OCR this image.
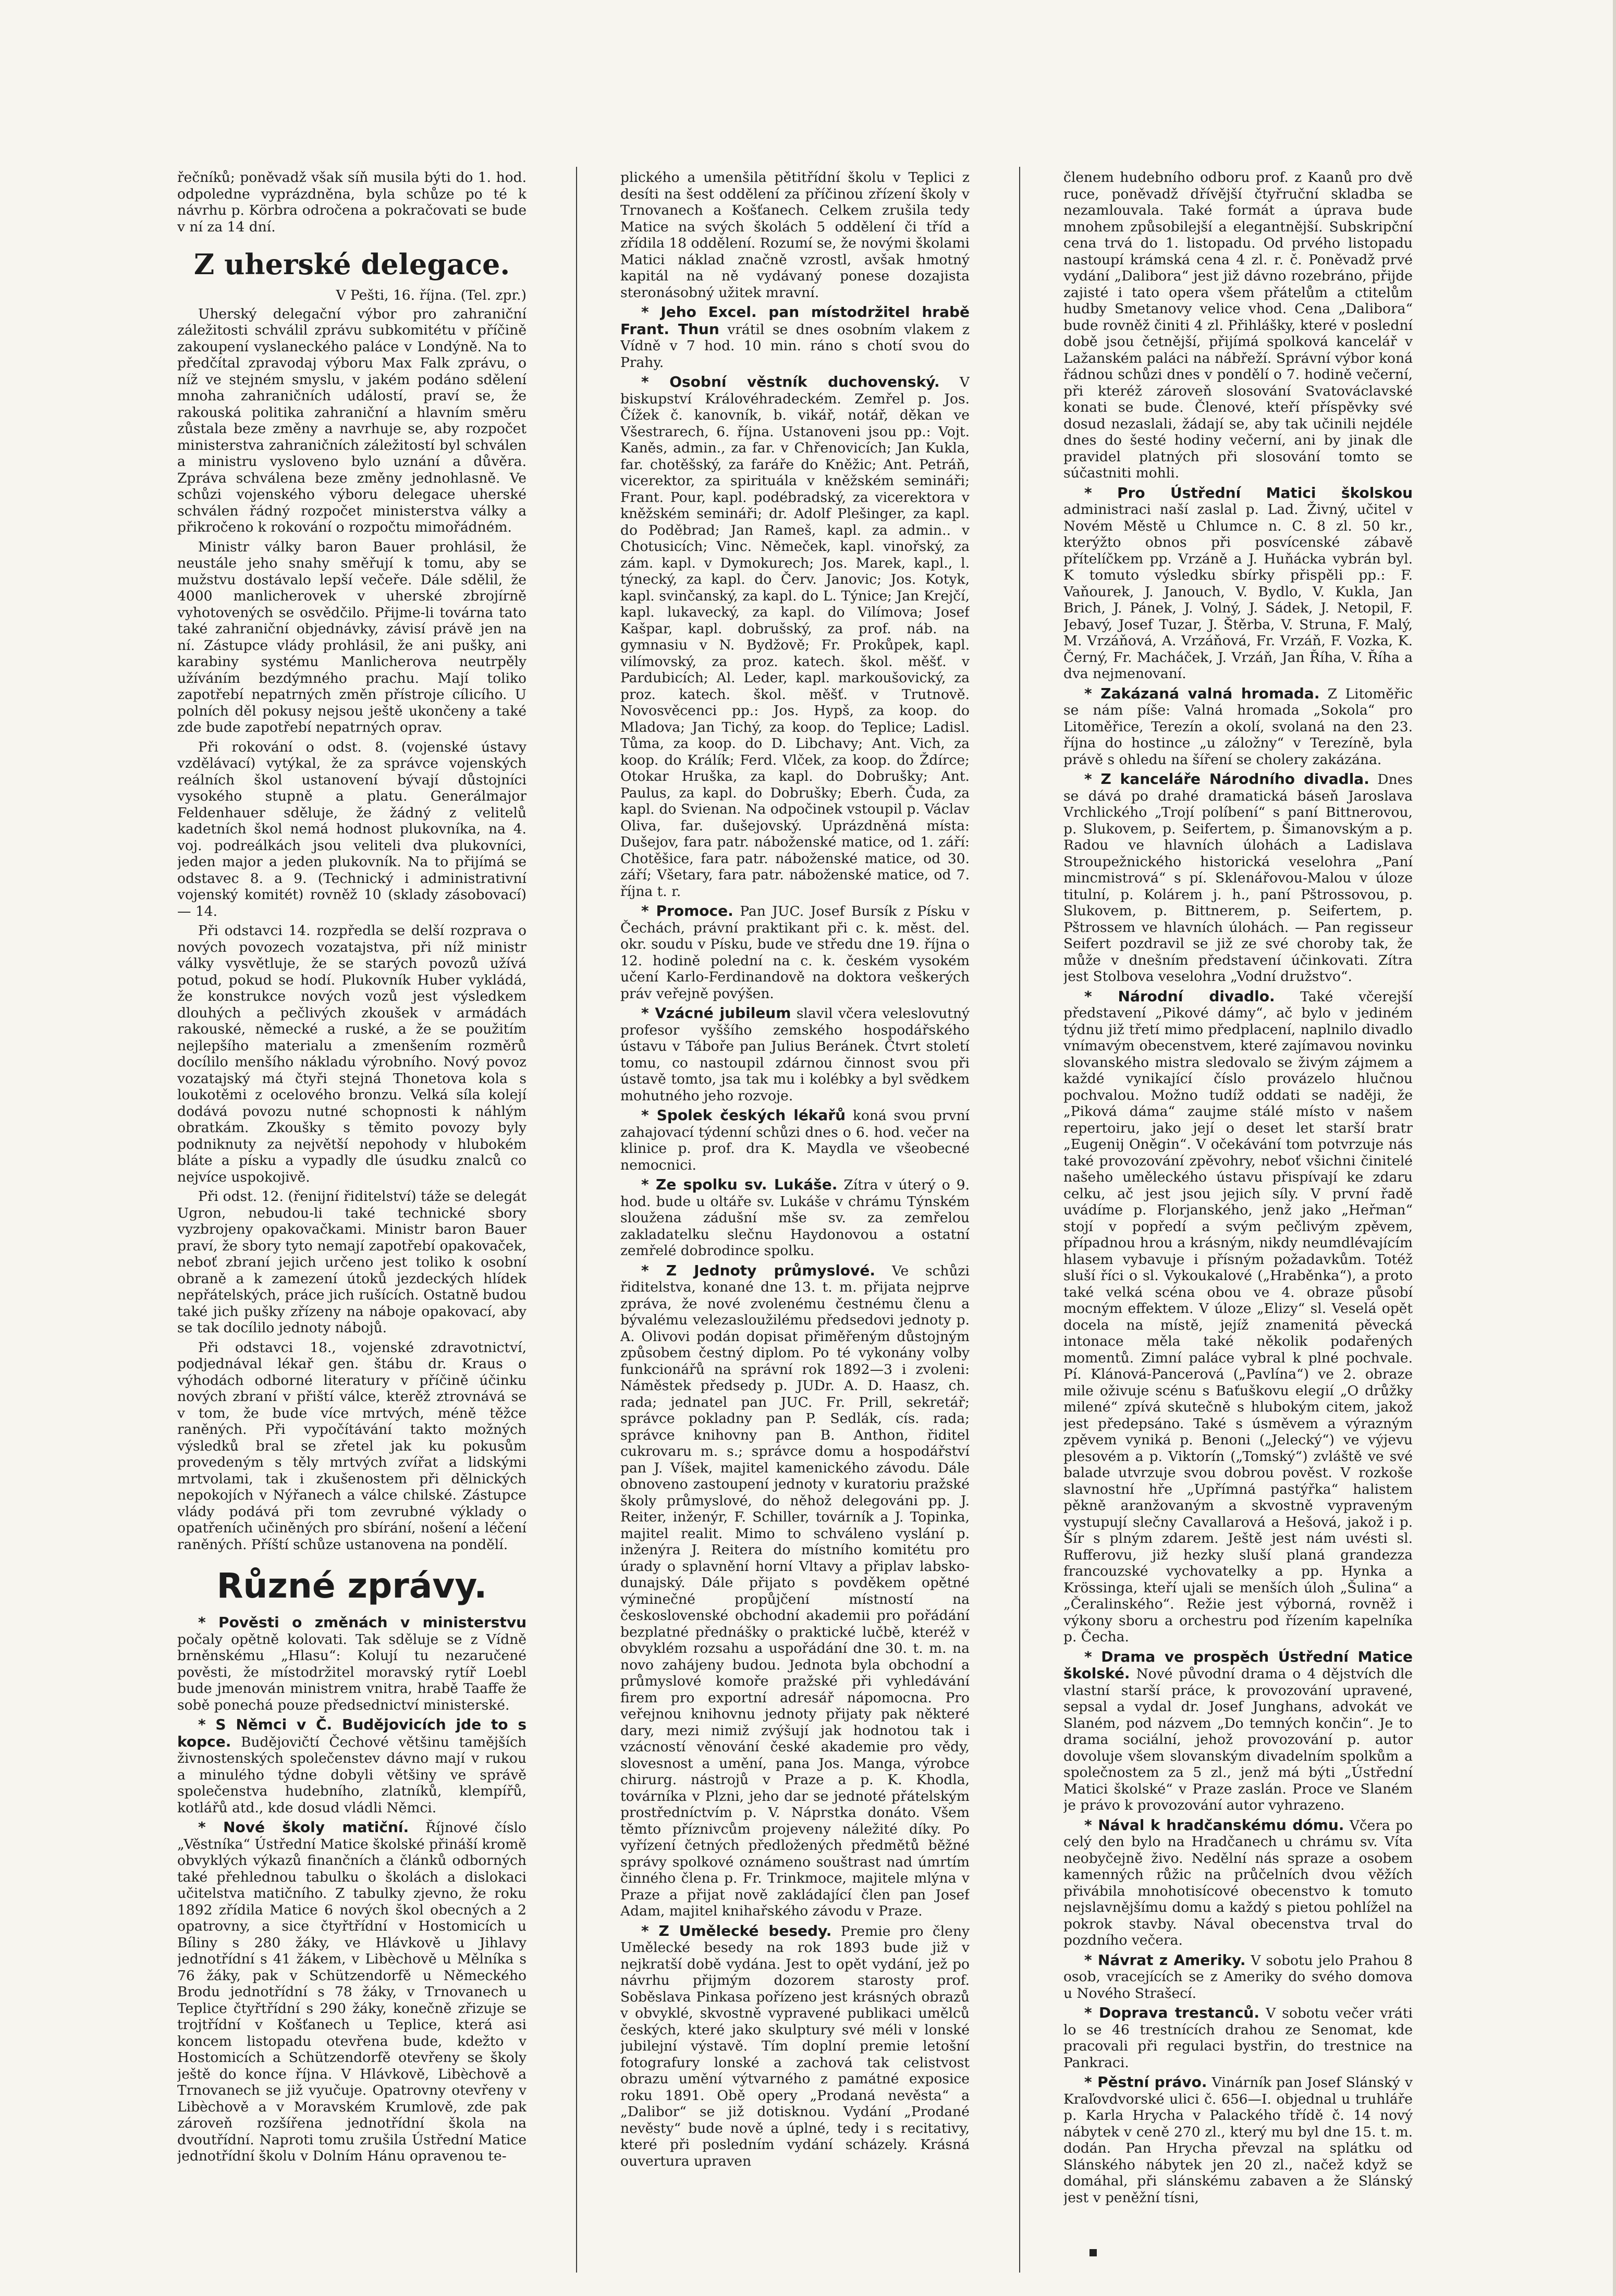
řečníků; poněvadž však síň musila býti do 1. hod. odpoledne vyprázdněna, byla schůze po té k návrhu p. Körbra odročena a pokračovati se bude v ní za 14 dní.

Z uherské delegace.
V Pešti, 16. října. (Tel. zpr.)

Uherský delegační výbor pro zahraniční záležitosti schválil zprávu subkomitétu v příčině zakoupení vyslaneckého paláce v Londýně. Na to předčítal zpravodaj výboru Max Falk zprávu, o níž ve stejném smyslu, v jakém podáno sdělení mnoha zahraničních událostí, praví se, že rakouská politika zahraniční a hlavním směru zůstala beze změny a navrhuje se, aby rozpočet ministerstva zahraničních záležitostí byl schválen a ministru vysloveno bylo uznání a důvěra. Zpráva schválena beze změny jednohlasně. Ve schůzi vojenského výboru delegace uherské schválen řádný rozpočet ministerstva války a přikročeno k rokování o rozpočtu mimořádném.

Ministr války baron Bauer prohlásil, že neustále jeho snahy směřují k tomu, aby se mužstvu dostávalo lepší večeře. Dále sdělil, že 4000 manlicherovek v uherské zbrojírně vyhotovených se osvědčilo. Přijme-li továrna tato také zahraniční objednávky, závisí právě jen na ní. Zástupce vlády prohlásil, že ani pušky, ani karabiny systému Manlicherova neutrpěly užíváním bezdýmného prachu. Mají toliko zapotřebí nepatrných změn přístroje cílicího. U polních děl pokusy nejsou ještě ukončeny a také zde bude zapotřebí nepatrných oprav.

Při rokování o odst. 8. (vojenské ústavy vzdělávací) vytýkal, že za správce vojenských reálních škol ustanovení bývají důstojníci vysokého stupně a platu. Generálmajor Feldenhauer sděluje, že žádný z velitelů kadetních škol nemá hodnost plukovníka, na 4. voj. podreálkách jsou veliteli dva plukovníci, jeden major a jeden plukovník. Na to přijímá se odstavec 8. a 9. (Technický i administrativní vojenský komitét) rovněž 10 (sklady zásobovací) — 14.

Při odstavci 14. rozpředla se delší rozprava o nových povozech vozatajstva, při níž ministr války vysvětluje, že se starých povozů užívá potud, pokud se hodí. Plukovník Huber vykládá, že konstrukce nových vozů jest výsledkem dlouhých a pečlivých zkoušek v armádách rakouské, německé a ruské, a že se použitím nejlepšího materialu a zmenšením rozměrů docílilo menšího nákladu výrobního. Nový povoz vozatajský má čtyři stejná Thonetova kola s loukotěmi z ocelového bronzu. Velká síla kolejí dodává povozu nutné schopnosti k náhlým obratkám. Zkoušky s těmito povozy byly podniknuty za největší nepohody v hlubokém bláte a písku a vypadly dle úsudku znalců co nejvíce uspokojivě.

Při odst. 12. (řenijní řiditelství) táže se delegát Ugron, nebudou-li také technické sbory vyzbrojeny opakovačkami. Ministr baron Bauer praví, že sbory tyto nemají zapotřebí opakovaček, neboť zbraní jejich určeno jest toliko k osobní obraně a k zamezení útoků jezdeckých hlídek nepřátelských, práce jich rušících. Ostatně budou také jich pušky zřízeny na náboje opakovací, aby se tak docílilo jednoty nábojů.

Při odstavci 18., vojenské zdravotnictví, podjednával lékař gen. štábu dr. Kraus o výhodách odborné literatury v příčině účinku nových zbraní v přiští válce, kterěž ztrovnává se v tom, že bude více mrtvých, méně těžce raněných. Při vypočítávání takto možných výsledků bral se zřetel jak ku pokusům provedeným s těly mrtvých zvířat a lidskými mrtvolami, tak i zkušenostem při dělnických nepokojích v Nýřanech a válce chilské. Zástupce vlády podává při tom zevrubné výklady o opatřeních učiněných pro sbírání, nošení a léčení raněných. Příští schůze ustanovena na pondělí.

Různé zprávy.

* Pověsti o změnách v ministerstvu počaly opětně kolovati. Tak sděluje se z Vídně brněnskému „Hlasu“: Kolují tu nezaručené pověsti, že místodržitel moravský rytíř Loebl bude jmenován ministrem vnitra, hrabě Taaffe že sobě ponechá pouze předsednictví ministerské.

* S Němci v Č. Budějovicích jde to s kopce. Budějovičtí Čechové většinu tamějších živnostenských společenstev dávno mají v rukou a minulého týdne dobyli většiny ve správě společenstva hudebního, zlatníků, klempířů, kotlářů atd., kde dosud vládli Němci.

* Nové školy matiční. Říjnové číslo „Věstníka“ Ústřední Matice školské přináší kromě obvyklých výkazů finančních a článků odborných také přehlednou tabulku o školách a dislokaci učitelstva matičního. Z tabulky zjevno, že roku 1892 zřídila Matice 6 nových škol obecných a 2 opatrovny, a sice čtyřtřídní v Hostomicích u Bíliny s 280 žáky, ve Hlávkově u Jihlavy jednotřídní s 41 žákem, v Libèchově u Mělníka s 76 žáky, pak v Schützendorfě u Německého Brodu jednotřídní s 78 žáky, v Trnovanech u Teplice čtyřtřídní s 290 žáky, konečně zřizuje se trojtřídní v Košťanech u Teplice, která asi koncem listopadu otevřena bude, kdežto v Hostomicích a Schützendorfě otevřeny se školy ještě do konce října. V Hlávkově, Libèchově a Trnovanech se již vyučuje. Opatrovny otevřeny v Libèchově a v Moravském Krumlově, zde pak zároveň rozšířena jednotřídní škola na dvoutřídní. Naproti tomu zrušila Ústřední Matice jednotřídní školu v Dolním Hánu opravenou te-

plického a umenšila pětitřídní školu v Teplici z desíti na šest oddělení za příčinou zřízení školy v Trnovanech a Košťanech. Celkem zrušila tedy Matice na svých školách 5 oddělení či tříd a zřídila 18 oddělení. Rozumí se, že novými školami Matici náklad značně vzrostl, avšak hmotný kapitál na ně vydávaný ponese dozajista steronásobný užitek mravní.

* Jeho Excel. pan místodržitel hrabě Frant. Thun vrátil se dnes osobním vlakem z Vídně v 7 hod. 10 min. ráno s chotí svou do Prahy.

* Osobní věstník duchovenský. V biskupství Královéhradeckém. Zemřel p. Jos. Čížek č. kanovník, b. vikář, notář, děkan ve Všestrarech, 6. října. Ustanoveni jsou pp.: Vojt. Kaněs, admin., za far. v Chřenovicích; Jan Kukla, far. chotěšský, za faráře do Kněžic; Ant. Petráň, vicerektor, za spirituála v kněžském semináři; Frant. Pour, kapl. podébradský, za vicerektora v kněžském semináři; dr. Adolf Plešinger, za kapl. do Poděbrad; Jan Rameš, kapl. za admin.. v Chotusicích; Vinc. Němeček, kapl. vinořský, za zám. kapl. v Dymokurech; Jos. Marek, kapl., l. týnecký, za kapl. do Červ. Janovic; Jos. Kotyk, kapl. svinčanský, za kapl. do L. Týnice; Jan Krejčí, kapl. lukavecký, za kapl. do Vilímova; Josef Kašpar, kapl. dobrušský, za prof. náb. na gymnasiu v N. Bydžově; Fr. Prokůpek, kapl. vilímovský, za proz. katech. škol. měšť. v Pardubicích; Al. Leder, kapl. markoušovický, za proz. katech. škol. měšť. v Trutnově. Novosvěcenci pp.: Jos. Hypš, za koop. do Mladova; Jan Tichý, za koop. do Teplice; Ladisl. Tůma, za koop. do D. Libchavy; Ant. Vich, za koop. do Králík; Ferd. Vlček, za koop. do Ždírce; Otokar Hruška, za kapl. do Dobrušky; Ant. Paulus, za kapl. do Dobrušky; Eberh. Čuda, za kapl. do Svienan. Na odpočinek vstoupil p. Václav Oliva, far. dušejovský. Uprázdněná místa: Dušejov, fara patr. náboženské matice, od 1. září: Chotěšice, fara patr. náboženské matice, od 30. září; Všetary, fara patr. náboženské matice, od 7. října t. r.

* Promoce. Pan JUC. Josef Bursík z Písku v Čechách, právní praktikant při c. k. měst. del. okr. soudu v Písku, bude ve středu dne 19. října o 12. hodině polední na c. k. českém vysokém učení Karlo-Ferdinandově na doktora veškerých práv veřejně povýšen.

* Vzácné jubileum slavil včera veleslovutný profesor vyššího zemského hospodářského ústavu v Táboře pan Julius Beránek. Čtvrt století tomu, co nastoupil zdárnou činnost svou při ústavě tomto, jsa tak mu i kolébky a byl svědkem mohutného jeho rozvoje.

* Spolek českých lékařů koná svou první zahajovací týdenní schůzi dnes o 6. hod. večer na klinice p. prof. dra K. Maydla ve všeobecné nemocnici.

* Ze spolku sv. Lukáše. Zítra v úterý o 9. hod. bude u oltáře sv. Lukáše v chrámu Týnském sloužena zádušní mše sv. za zemřelou zakladatelku slečnu Haydonovou a ostatní zemřelé dobrodince spolku.

* Z Jednoty průmyslové. Ve schůzi řiditelstva, konané dne 13. t. m. přijata nejprve zpráva, že nové zvolenému čestnému členu a bývalému velezasloužilému předsedovi jednoty p. A. Olivovi podán dopisat přiměřeným důstojným způsobem čestný diplom. Po té vykonány volby funkcionářů na správní rok 1892—3 i zvoleni: Náměstek předsedy p. JUDr. A. D. Haasz, ch. rada; jednatel pan JUC. Fr. Prill, sekretář; správce pokladny pan P. Sedlák, cís. rada; správce knihovny pan B. Anthon, řiditel cukrovaru m. s.; správce domu a hospodářství pan J. Víšek, majitel kamenického závodu. Dále obnoveno zastoupení jednoty v kuratoriu pražské školy průmyslové, do něhož delegováni pp. J. Reiter, inženýr, F. Schiller, továrník a J. Topinka, majitel realit. Mimo to schváleno vyslání p. inženýra J. Reitera do místního komitétu pro úrady o splavnění horní Vltavy a připlav labsko-dunajský. Dále přijato s povděkem opětné výminečné propůjčení místností na československé obchodní akademii pro pořádání bezplatné přednášky o praktické lučbě, kteréž v obvyklém rozsahu a uspořádání dne 30. t. m. na novo zahájeny budou. Jednota byla obchodní a průmyslové komoře pražské při vyhledávání firem pro exportní adresář nápomocna. Pro veřejnou knihovnu jednoty přijaty pak některé dary, mezi nimiž zvýšují jak hodnotou tak i vzácností věnování české akademie pro vědy, slovesnost a umění, pana Jos. Manga, výrobce chirurg. nástrojů v Praze a p. K. Khodla, továrníka v Plzni, jeho dar se jednoté přátelským prostředníctvím p. V. Náprstka donáto. Všem těmto příznivcům projeveny náležité díky. Po vyřízení četných předložených předmětů běžné správy spolkové oznámeno souštrast nad úmrtím činného člena p. Fr. Trinkmoce, majitele mlýna v Praze a přijat nově zakládající člen pan Josef Adam, majitel knihařského závodu v Praze.

* Z Umělecké besedy. Premie pro členy Umělecké besedy na rok 1893 bude již v nejkratší době vydána. Jest to opět vydání, jež po návrhu přijmým dozorem starosty prof. Soběslava Pinkasa pořízeno jest krásných obrazů v obvyklé, skvostně vypravené publikaci umělců českých, které jako skulptury své méli v lonské jubilejní výstavě. Tím doplní premie letošní fotografury lonské a zachová tak celistvost obrazu umění výtvarného z památné exposice roku 1891. Obě opery „Prodaná nevěsta“ a „Dalibor“ se již dotisknou. Vydání „Prodané nevěsty“ bude nově a úplné, tedy i s recitativy, které při posledním vydání scházely. Krásná ouvertura upraven

členem hudebního odboru prof. z Kaanů pro dvě ruce, poněvadž dřívější čtyřruční skladba se nezamlouvala. Také formát a úprava bude mnohem způsobilejší a elegantnější. Subskripční cena trvá do 1. listopadu. Od prvého listopadu nastoupí krámská cena 4 zl. r. č. Poněvadž prvé vydání „Dalibora“ jest již dávno rozebráno, přijde zajisté i tato opera všem přátelům a ctitelům hudby Smetanovy velice vhod. Cena „Dalibora“ bude rovněž činiti 4 zl. Přihlášky, které v poslední době jsou četnější, přijímá spolková kancelář v Lažanském paláci na nábřeží. Správní výbor koná řádnou schůzi dnes v pondělí o 7. hodině večerní, při kteréž zároveň slosování Svatováclavské konati se bude. Členové, kteří příspěvky své dosud nezaslali, žádají se, aby tak učinili nejdéle dnes do šesté hodiny večerní, ani by jinak dle pravidel platných při slosování tomto se súčastniti mohli.

* Pro Ústřední Matici školskou administraci naší zaslal p. Lad. Živný, učitel v Novém Městě u Chlumce n. C. 8 zl. 50 kr., kterýžto obnos při posvícenské zábavě přítelíčkem pp. Vrzáně a J. Huňácka vybrán byl. K tomuto výsledku sbírky přispěli pp.: F. Vaňourek, J. Janouch, V. Bydlo, V. Kukla, Jan Brich, J. Pánek, J. Volný, J. Sádek, J. Netopil, F. Jebavý, Josef Tuzar, J. Štěrba, V. Struna, F. Malý, M. Vrzáňová, A. Vrzáňová, Fr. Vrzáň, F. Vozka, K. Černý, Fr. Macháček, J. Vrzáň, Jan Říha, V. Říha a dva nejmenovaní.

* Zakázaná valná hromada. Z Litoměřic se nám píše: Valná hromada „Sokola“ pro Litoměřice, Terezín a okolí, svolaná na den 23. října do hostince „u záložny“ v Terezíně, byla právě s ohledu na šíření se cholery zakázána.

* Z kanceláře Národního divadla. Dnes se dává po drahé dramatická báseň Jaroslava Vrchlického „Trojí políbení“ s paní Bittnerovou, p. Slukovem, p. Seifertem, p. Šimanovským a p. Radou ve hlavních úlohách a Ladislava Stroupežnického historická veselohra „Paní mincmistrová“ s pí. Sklenářovou-Malou v úloze titulní, p. Kolárem j. h., paní Pštrossovou, p. Slukovem, p. Bittnerem, p. Seifertem, p. Pštrossem ve hlavních úlohách. — Pan regisseur Seifert pozdravil se již ze své choroby tak, že může v dnešním představení účinkovati. Zítra jest Stolbova veselohra „Vodní družstvo“.

* Národní divadlo. Také včerejší představení „Pikové dámy“, ač bylo v jediném týdnu již třetí mimo předplacení, naplnilo divadlo vnímavým obecenstvem, které zajímavou novinku slovanského mistra sledovalo se živým zájmem a každé vynikající číslo provázelo hlučnou pochvalou. Možno tudíž oddati se naději, že „Piková dáma“ zaujme stálé místo v našem repertoiru, jako její o deset let starší bratr „Eugenij Oněgin“. V očekávání tom potvrzuje nás také provozování zpěvohry, neboť všichni činitelé našeho uměleckého ústavu přispívají ke zdaru celku, ač jest jsou jejich síly. V první řadě uvádíme p. Florjanského, jenž jako „Heřman“ stojí v popředí a svým pečlivým zpěvem, případnou hrou a krásným, nikdy neumdlévajícím hlasem vybavuje i přísným požadavkům. Totéž sluší říci o sl. Vykoukalové („Hraběnka“), a proto také velká scéna obou ve 4. obraze působí mocným effektem. V úloze „Elizy“ sl. Veselá opět docela na místě, jejíž znamenitá pěvecká intonace měla také několik podařených momentů. Zimní paláce vybral k plné pochvale. Pí. Klánová-Pancerová („Pavlína“) ve 2. obraze mile oživuje scénu s Baťuškovu elegií „O drůžky milené“ zpívá skutečně s hlubokým citem, jakož jest předepsáno. Také s úsměvem a výrazným zpěvem vyniká p. Benoni („Jelecký“) ve výjevu plesovém a p. Viktorín („Tomský“) zvláště ve své balade utvrzuje svou dobrou pověst. V rozkoše slavnostní hře „Upřímná pastýřka“ halistem pěkně aranžovaným a skvostně vypraveným vystupují slečny Cavallarová a Hešová, jakož i p. Šír s plným zdarem. Ještě jest nám uvésti sl. Rufferovu, již hezky sluší planá grandezza francouzské vychovatelky a pp. Hynka a Krössinga, kteří ujali se menších úloh „Šulina“ a „Čeralinského“. Režie jest výborná, rovněž i výkony sboru a orchestru pod řízením kapelníka p. Čecha.

* Drama ve prospěch Ústřední Matice školské. Nové původní drama o 4 dějstvích dle vlastní starší práce, k provozování upravené, sepsal a vydal dr. Josef Junghans, advokát ve Slaném, pod názvem „Do temných končin“. Je to drama sociální, jehož provozování p. autor dovoluje všem slovanským divadelním spolkům a společnostem za 5 zl., jenž má býti „Ústřední Matici školské“ v Praze zaslán. Proce ve Slaném je právo k provozování autor vyhrazeno.

* Nával k hradčanskému dómu. Včera po celý den bylo na Hradčanech u chrámu sv. Víta neobyčejně živo. Nedělní nás spraze a osobem kamenných růžic na průčelních dvou věžích přivábila mnohotisícové obecenstvo k tomuto nejslavnějšímu domu a každý s pietou pohlížel na pokrok stavby. Nával obecenstva trval do pozdního večera.

* Návrat z Ameriky. V sobotu jelo Prahou 8 osob, vracejících se z Ameriky do svého domova u Nového Strašecí.

* Doprava trestanců. V sobotu večer vráti lo se 46 trestnících drahou ze Senomat, kde pracovali při regulaci bystřin, do trestnice na Pankraci.

* Pěstní právo. Vinárník pan Josef Slánský v Kraľovdvorské ulici č. 656—I. objednal u truhláře p. Karla Hrycha v Palackého třídě č. 14 nový nábytek v ceně 270 zl., který mu byl dne 15. t. m. dodán. Pan Hrycha převzal na splátku od Slánského nábytek jen 20 zl., načež když se domáhal, při slánskému zabaven a že Slánský jest v peněžní tísni,
